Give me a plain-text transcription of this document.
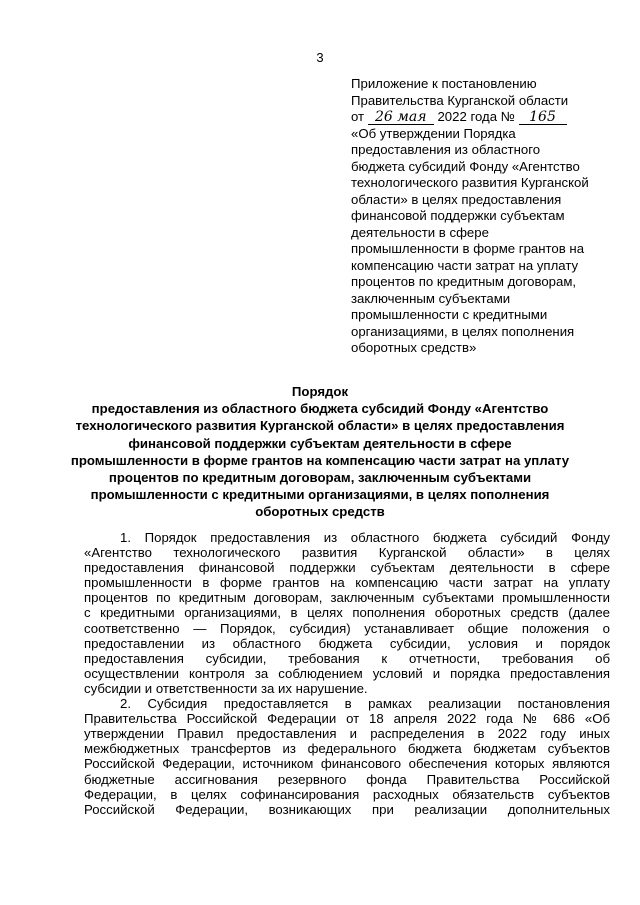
3
Приложение к постановлению
Правительства Курганской области
от 26 мая 2022 года № 165
«Об утверждении Порядка
предоставления из областного
бюджета субсидий Фонду «Агентство
технологического развития Курганской
области» в целях предоставления
финансовой поддержки субъектам
деятельности в сфере
промышленности в форме грантов на
компенсацию части затрат на уплату
процентов по кредитным договорам,
заключенным субъектами
промышленности с кредитными
организациями, в целях пополнения
оборотных средств»
Порядок
предоставления из областного бюджета субсидий Фонду «Агентство
технологического развития Курганской области» в целях предоставления
финансовой поддержки субъектам деятельности в сфере
промышленности в форме грантов на компенсацию части затрат на уплату
процентов по кредитным договорам, заключенным субъектами
промышленности с кредитными организациями, в целях пополнения
оборотных средств
1. Порядок предоставления из областного бюджета субсидий Фонду
«Агентство технологического развития Курганской области» в целях
предоставления финансовой поддержки субъектам деятельности в сфере
промышленности в форме грантов на компенсацию части затрат на уплату
процентов по кредитным договорам, заключенным субъектами промышленности
с кредитными организациями, в целях пополнения оборотных средств (далее
соответственно — Порядок, субсидия) устанавливает общие положения о
предоставлении из областного бюджета субсидии, условия и порядок
предоставления субсидии, требования к отчетности, требования об
осуществлении контроля за соблюдением условий и порядка предоставления
субсидии и ответственности за их нарушение.
2. Субсидия предоставляется в рамках реализации постановления
Правительства Российской Федерации от 18 апреля 2022 года № 686 «Об
утверждении Правил предоставления и распределения в 2022 году иных
межбюджетных трансфертов из федерального бюджета бюджетам субъектов
Российской Федерации, источником финансового обеспечения которых являются
бюджетные ассигнования резервного фонда Правительства Российской
Федерации, в целях софинансирования расходных обязательств субъектов
Российской Федерации, возникающих при реализации дополнительных
